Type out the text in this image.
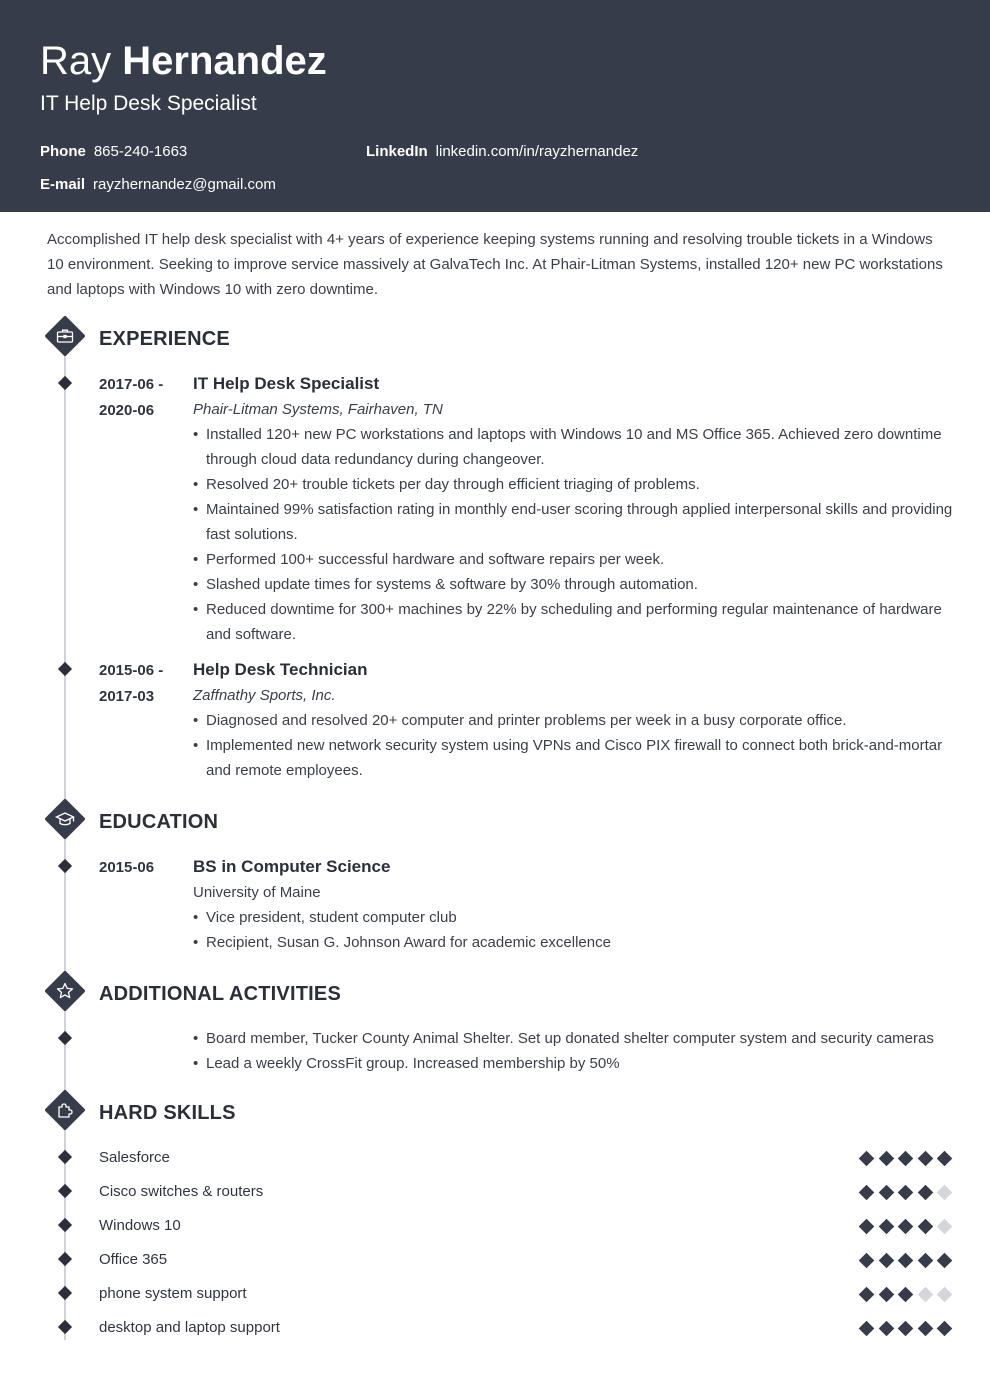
Ray Hernandez
IT Help Desk Specialist
Phone 865-240-1663	LinkedIn linkedin.com/in/rayzhernandez
E-mail rayzhernandez@gmail.com
Accomplished IT help desk specialist with 4+ years of experience keeping systems running and resolving trouble tickets in a Windows 10 environment. Seeking to improve service massively at GalvaTech Inc. At Phair-Litman Systems, installed 120+ new PC workstations and laptops with Windows 10 with zero downtime.
EXPERIENCE
2017-06 -
2020-06
IT Help Desk Specialist
Phair-Litman Systems, Fairhaven, TN
• Installed 120+ new PC workstations and laptops with Windows 10 and MS Office 365. Achieved zero downtime through cloud data redundancy during changeover.
• Resolved 20+ trouble tickets per day through efficient triaging of problems.
• Maintained 99% satisfaction rating in monthly end-user scoring through applied interpersonal skills and providing fast solutions.
• Performed 100+ successful hardware and software repairs per week.
• Slashed update times for systems & software by 30% through automation.
• Reduced downtime for 300+ machines by 22% by scheduling and performing regular maintenance of hardware and software.
2015-06 -
2017-03
Help Desk Technician
Zaffnathy Sports, Inc.
• Diagnosed and resolved 20+ computer and printer problems per week in a busy corporate office.
• Implemented new network security system using VPNs and Cisco PIX firewall to connect both brick-and-mortar and remote employees.
EDUCATION
2015-06 BS in Computer Science
University of Maine
• Vice president, student computer club
• Recipient, Susan G. Johnson Award for academic excellence
ADDITIONAL ACTIVITIES
• Board member, Tucker County Animal Shelter. Set up donated shelter computer system and security cameras
• Lead a weekly CrossFit group. Increased membership by 50%
HARD SKILLS
Salesforce
Cisco switches & routers
Windows 10
Office 365
phone system support
desktop and laptop support
